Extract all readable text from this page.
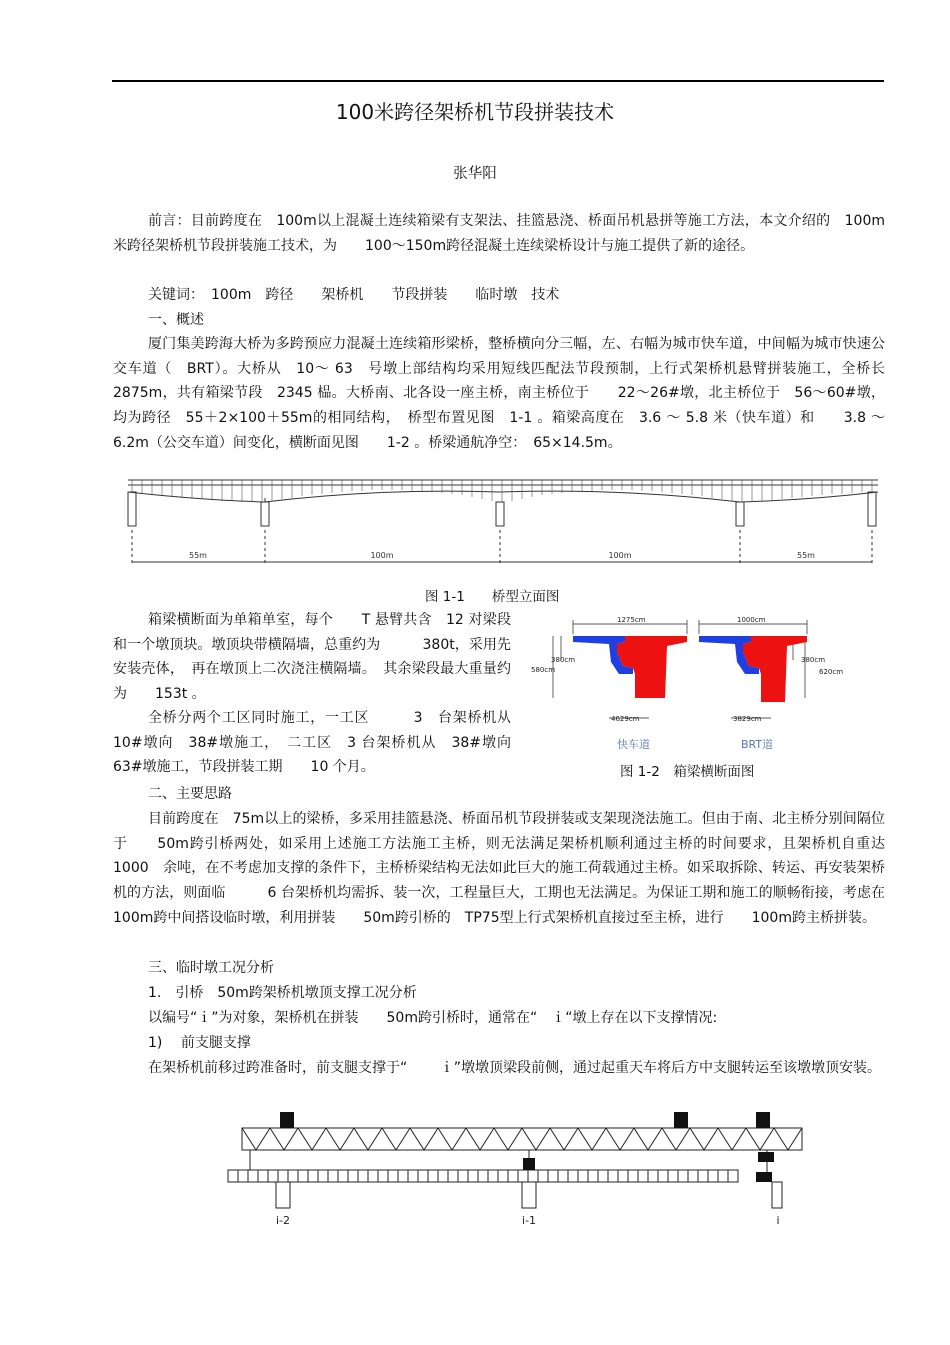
100米跨径架桥机节段拼装技术
张华阳

前言：目前跨度在　100m以上混凝土连续箱梁有支架法、挂篮悬浇、桥面吊机悬拼等施工方法，本文介绍的　100m米跨径架桥机节段拼装施工技术，为　　100～150m跨径混凝土连续梁桥设计与施工提供了新的途径。

关键词：　100m　跨径　　架桥机　　节段拼装　　临时墩　技术

一、概述

厦门集美跨海大桥为多跨预应力混凝土连续箱形梁桥，整桥横向分三幅，左、右幅为城市快车道，中间幅为城市快速公交车道（　BRT）。大桥从　10～ 63　号墩上部结构均采用短线匹配法节段预制，上行式架桥机悬臂拼装施工，全桥长　　2875m，共有箱梁节段　2345 榀。大桥南、北各设一座主桥，南主桥位于　　22～26#墩，北主桥位于　56～60#墩，均为跨径　55＋2×100＋55m的相同结构，　桥型布置见图　1-1 。箱梁高度在　3.6 ～ 5.8 米（快车道）和　　3.8 ～6.2m（公交车道）间变化，横断面见图　　1-2 。桥梁通航净空：　65×14.5m。

55m	100m	100m	55m
图 1-1　　桥型立面图

箱梁横断面为单箱单室，每个　　T 悬臂共含　12 对梁段和一个墩顶块。墩顶块带横隔墙，总重约为　　　380t，采用先安装壳体，　再在墩顶上二次浇注横隔墙。　其余梁段最大重量约为　　153t 。

全桥分两个工区同时施工，一工区　　　3　台架桥机从10#墩向　38#墩施工，　二工区　3 台架桥机从　38#墩向　63#墩施工，节段拼装工期　　10 个月。

1275cm	1000cm
380cm
580cm
380cm
620cm
4629cm	3829cm
快车道	BRT道
图 1-2　箱梁横断面图

二、主要思路

目前跨度在　75m以上的梁桥，多采用挂篮悬浇、桥面吊机节段拼装或支架现浇法施工。但由于南、北主桥分别间隔位于　　50m跨引桥两处，如采用上述施工方法施工主桥，则无法满足架桥机顺利通过主桥的时间要求，且架桥机自重达　　1000　余吨，在不考虑加支撑的条件下，主桥桥梁结构无法如此巨大的施工荷载通过主桥。如采取拆除、转运、再安装架桥机的方法，则面临　　　6 台架桥机均需拆、装一次，工程量巨大，工期也无法满足。为保证工期和施工的顺畅衔接，考虑在　　　100m跨中间搭设临时墩，利用拼装　　50m跨引桥的　TP75型上行式架桥机直接过至主桥，进行　　100m跨主桥拼装。

三、临时墩工况分析

1.　引桥　50m跨架桥机墩顶支撑工况分析

以编号“ｉ”为对象，架桥机在拼装　　50m跨引桥时，通常在“　ｉ“墩上存在以下支撑情况:

1)　 前支腿支撑

在架桥机前移过跨准备时，前支腿支撑于“　　 ｉ”墩墩顶梁段前侧，通过起重天车将后方中支腿转运至该墩墩顶安装。

i-2	i-1	i
